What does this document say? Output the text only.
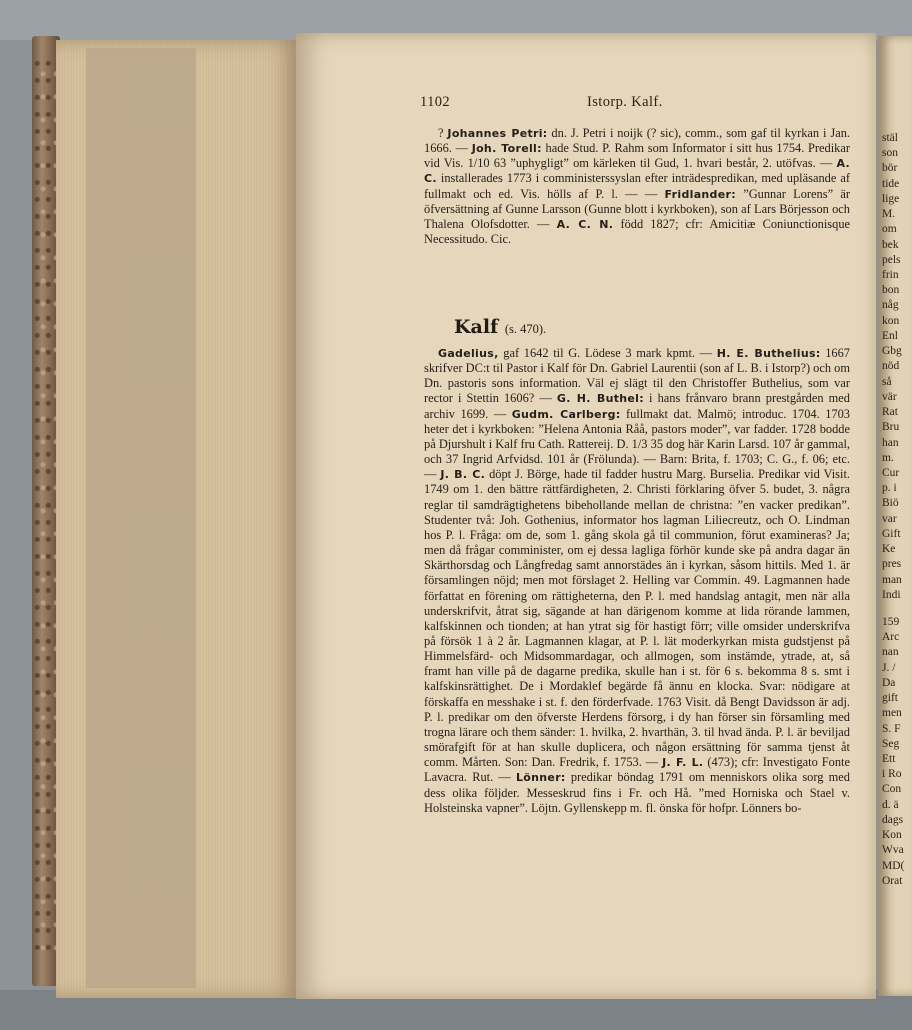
stäl
son
bör
tide
lige
M.
om
bek
pels
frin
bon
någ
kon
Enl
Gbg
nöd
så
vär
Rat
Bru
han
m.
Cur
p. i
Biö
var
Gift
Ke
pres
man
Indi
159
Arc
nan
J. /
Da
gift
men
S. F
Seg
Ett
i Ro
Con
d. ä
dags
Kon
Wva
MD(
Orat
1102	Istorp. Kalf.

? Johannes Petri: dn. J. Petri i noijk (? sic), comm., som gaf til kyrkan i Jan. 1666. — Joh. Torell: hade Stud. P. Rahm som Informator i sitt hus 1754. Predikar vid Vis. 1/10 63 ”uphygligt” om kärleken til Gud, 1. hvari består, 2. utöfvas. — A. C. installerades 1773 i comministerssyslan efter inträdespredikan, med upläsande af fullmakt och ed. Vis. hölls af P. l. — — Fridlander: ”Gunnar Lorens” är öfversättning af Gunne Larsson (Gunne blott i kyrkboken), son af Lars Börjesson och Thalena Olofsdotter. — A. C. N. född 1827; cfr: Amicitiæ Coniunctionisque Necessitudo. Cic.

Kalf (s. 470).

Gadelius, gaf 1642 til G. Lödese 3 mark kpmt. — H. E. Buthelius: 1667 skrifver DC:t til Pastor i Kalf för Dn. Gabriel Laurentii (son af L. B. i Istorp?) och om Dn. pastoris sons information. Väl ej slägt til den Christoffer Buthelius, som var rector i Stettin 1606? — G. H. Buthel: i hans frånvaro brann prestgården med archiv 1699. — Gudm. Carlberg: fullmakt dat. Malmö; introduc. 1704. 1703 heter det i kyrkboken: ”Helena Antonia Råå, pastors moder”, var fadder. 1728 bodde på Djurshult i Kalf fru Cath. Rattereij. D. 1/3 35 dog här Karin Larsd. 107 år gammal, och 37 Ingrid Arfvidsd. 101 år (Frölunda). — Barn: Brita, f. 1703; C. G., f. 06; etc. — J. B. C. döpt J. Börge, hade til fadder hustru Marg. Burselia. Predikar vid Visit. 1749 om 1. den bättre rättfärdigheten, 2. Christi förklaring öfver 5. budet, 3. några reglar til samdrägtighetens bibehollande mellan de christna: ”en vacker predikan”. Studenter två: Joh. Gothenius, informator hos lagman Liliecreutz, och O. Lindman hos P. l. Fråga: om de, som 1. gång skola gå til communion, förut examineras? Ja; men då frågar comminister, om ej dessa lagliga förhör kunde ske på andra dagar än Skärthorsdag och Långfredag samt annorstädes än i kyrkan, såsom hittils. Med 1. är församlingen nöjd; men mot förslaget 2. Helling var Commin. 49. Lagmannen hade författat en förening om rättigheterna, den P. l. med handslag antagit, men när alla underskrifvit, åtrat sig, sägande at han därigenom komme at lida rörande lammen, kalfskinnen och tionden; at han ytrat sig för hastigt förr; ville omsider underskrifva på försök 1 à 2 år. Lagmannen klagar, at P. l. lät moderkyrkan mista gudstjenst på Himmelsfärd- och Midsommardagar, och allmogen, som instämde, ytrade, at, så framt han ville på de dagarne predika, skulle han i st. för 6 s. bekomma 8 s. smt i kalfskinsrättighet. De i Mordaklef begärde få ännu en klocka. Svar: nödigare at förskaffa en messhake i st. f. den förderfvade. 1763 Visit. då Bengt Davidsson är adj. P. l. predikar om den öfverste Herdens försorg, i dy han förser sin församling med trogna lärare och them sänder: 1. hvilka, 2. hvarthän, 3. til hvad ända. P. l. är beviljad smörafgift för at han skulle duplicera, och någon ersättning för samma tjenst åt comm. Mårten. Son: Dan. Fredrik, f. 1753. — J. F. L. (473); cfr: Investigato Fonte Lavacra. Rut. — Lönner: predikar böndag 1791 om menniskors olika sorg med dess olika följder. Messeskrud fins i Fr. och Hå. ”med Horniska och Stael v. Holsteinska vapner”. Löjtn. Gyllenskepp m. fl. önska för hofpr. Lönners bo-
